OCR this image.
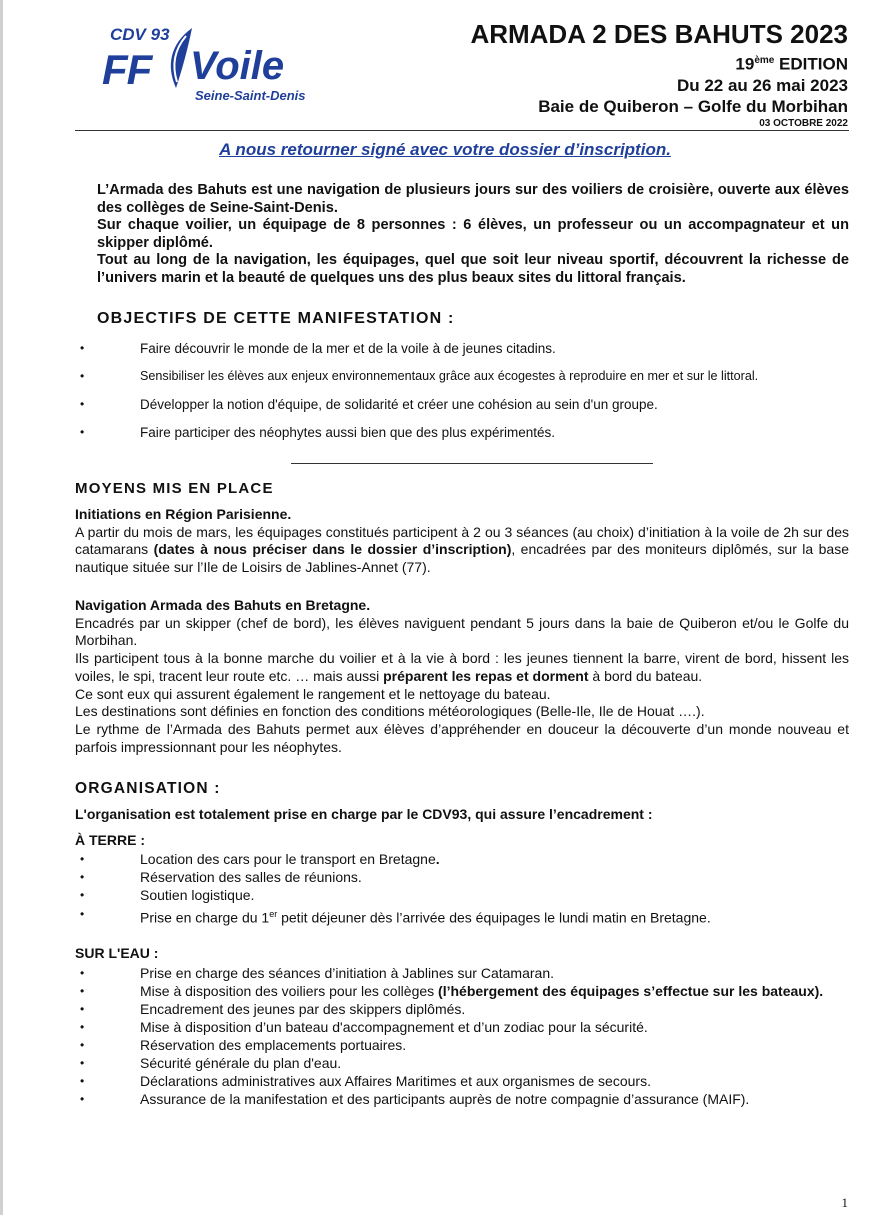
CDV 93
FF Voile
Seine-Saint-Denis
ARMADA 2 DES BAHUTS 2023
19ème EDITION
Du 22 au 26 mai 2023
Baie de Quiberon – Golfe du Morbihan
03 OCTOBRE 2022
A nous retourner signé avec votre dossier d’inscription.

L’Armada des Bahuts est une navigation de plusieurs jours sur des voiliers de croisière, ouverte aux élèves des collèges de Seine-Saint-Denis.

Sur chaque voilier, un équipage de 8 personnes : 6 élèves, un professeur ou un accompagnateur et un skipper diplômé.

Tout au long de la navigation, les équipages, quel que soit leur niveau sportif, découvrent la richesse de l’univers marin et la beauté de quelques uns des plus beaux sites du littoral français.

OBJECTIFS DE CETTE MANIFESTATION :
•	Faire découvrir le monde de la mer et de la voile à de jeunes citadins.
•	Sensibiliser les élèves aux enjeux environnementaux grâce aux écogestes à reproduire en mer et sur le littoral.
•	Développer la notion d'équipe, de solidarité et créer une cohésion au sein d'un groupe.
•	Faire participer des néophytes aussi bien que des plus expérimentés.
MOYENS MIS EN PLACE

Initiations en Région Parisienne.

A partir du mois de mars, les équipages constitués participent à 2 ou 3 séances (au choix) d’initiation à la voile de 2h sur des catamarans (dates à nous préciser dans le dossier d’inscription), encadrées par des moniteurs diplômés, sur la base nautique située sur l’Ile de Loisirs de Jablines-Annet (77).

Navigation Armada des Bahuts en Bretagne.

Encadrés par un skipper (chef de bord), les élèves naviguent pendant 5 jours dans la baie de Quiberon et/ou le Golfe du Morbihan.

Ils participent tous à la bonne marche du voilier et à la vie à bord : les jeunes tiennent la barre, virent de bord, hissent les voiles, le spi, tracent leur route etc. … mais aussi préparent les repas et dorment à bord du bateau.

Ce sont eux qui assurent également le rangement et le nettoyage du bateau.

Les destinations sont définies en fonction des conditions météorologiques (Belle-Ile, Ile de Houat ….).

Le rythme de l’Armada des Bahuts permet aux élèves d’appréhender en douceur la découverte d’un monde nouveau et parfois impressionnant pour les néophytes.

ORGANISATION :

L'organisation est totalement prise en charge par le CDV93, qui assure l’encadrement :

À TERRE :

•	Location des cars pour le transport en Bretagne.
•	Réservation des salles de réunions.
•	Soutien logistique.
•	Prise en charge du 1er petit déjeuner dès l’arrivée des équipages le lundi matin en Bretagne.

SUR L'EAU :

•	Prise en charge des séances d’initiation à Jablines sur Catamaran.
•	Mise à disposition des voiliers pour les collèges (l’hébergement des équipages s’effectue sur les bateaux).
•	Encadrement des jeunes par des skippers diplômés.
•	Mise à disposition d’un bateau d'accompagnement et d’un zodiac pour la sécurité.
•	Réservation des emplacements portuaires.
•	Sécurité générale du plan d'eau.
•	Déclarations administratives aux Affaires Maritimes et aux organismes de secours.
•	Assurance de la manifestation et des participants auprès de notre compagnie d’assurance (MAIF).
1
